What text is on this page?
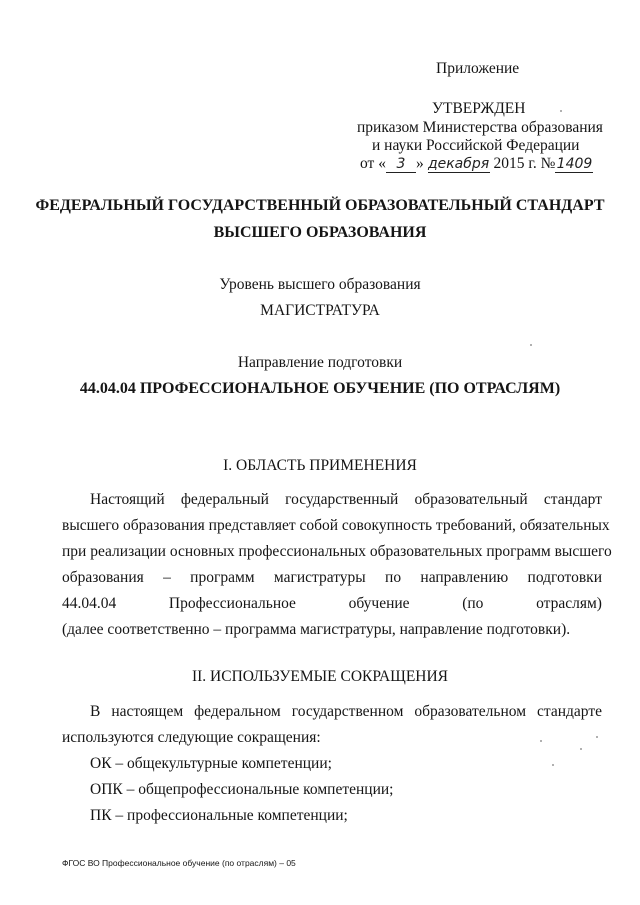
Приложение
УТВЕРЖДЕН
приказом Министерства образования
и науки Российской Федерации
от « 3 » декабря 2015 г. №1409
ФЕДЕРАЛЬНЫЙ ГОСУДАРСТВЕННЫЙ ОБРАЗОВАТЕЛЬНЫЙ СТАНДАРТ
ВЫСШЕГО ОБРАЗОВАНИЯ
Уровень высшего образования
МАГИСТРАТУРА
Направление подготовки
44.04.04 ПРОФЕССИОНАЛЬНОЕ ОБУЧЕНИЕ (ПО ОТРАСЛЯМ)
I. ОБЛАСТЬ ПРИМЕНЕНИЯ
Настоящий федеральный государственный образовательный стандарт
высшего образования представляет собой совокупность требований, обязательных
при реализации основных профессиональных образовательных программ высшего
образования – программ магистратуры по направлению подготовки
44.04.04	Профессиональное	обучение	(по	отраслям)
(далее соответственно – программа магистратуры, направление подготовки).
II. ИСПОЛЬЗУЕМЫЕ СОКРАЩЕНИЯ
В настоящем федеральном государственном образовательном стандарте
используются следующие сокращения:
ОК – общекультурные компетенции;
ОПК – общепрофессиональные компетенции;
ПК – профессиональные компетенции;
ФГОС ВО Профессиональное обучение (по отраслям) – 05
